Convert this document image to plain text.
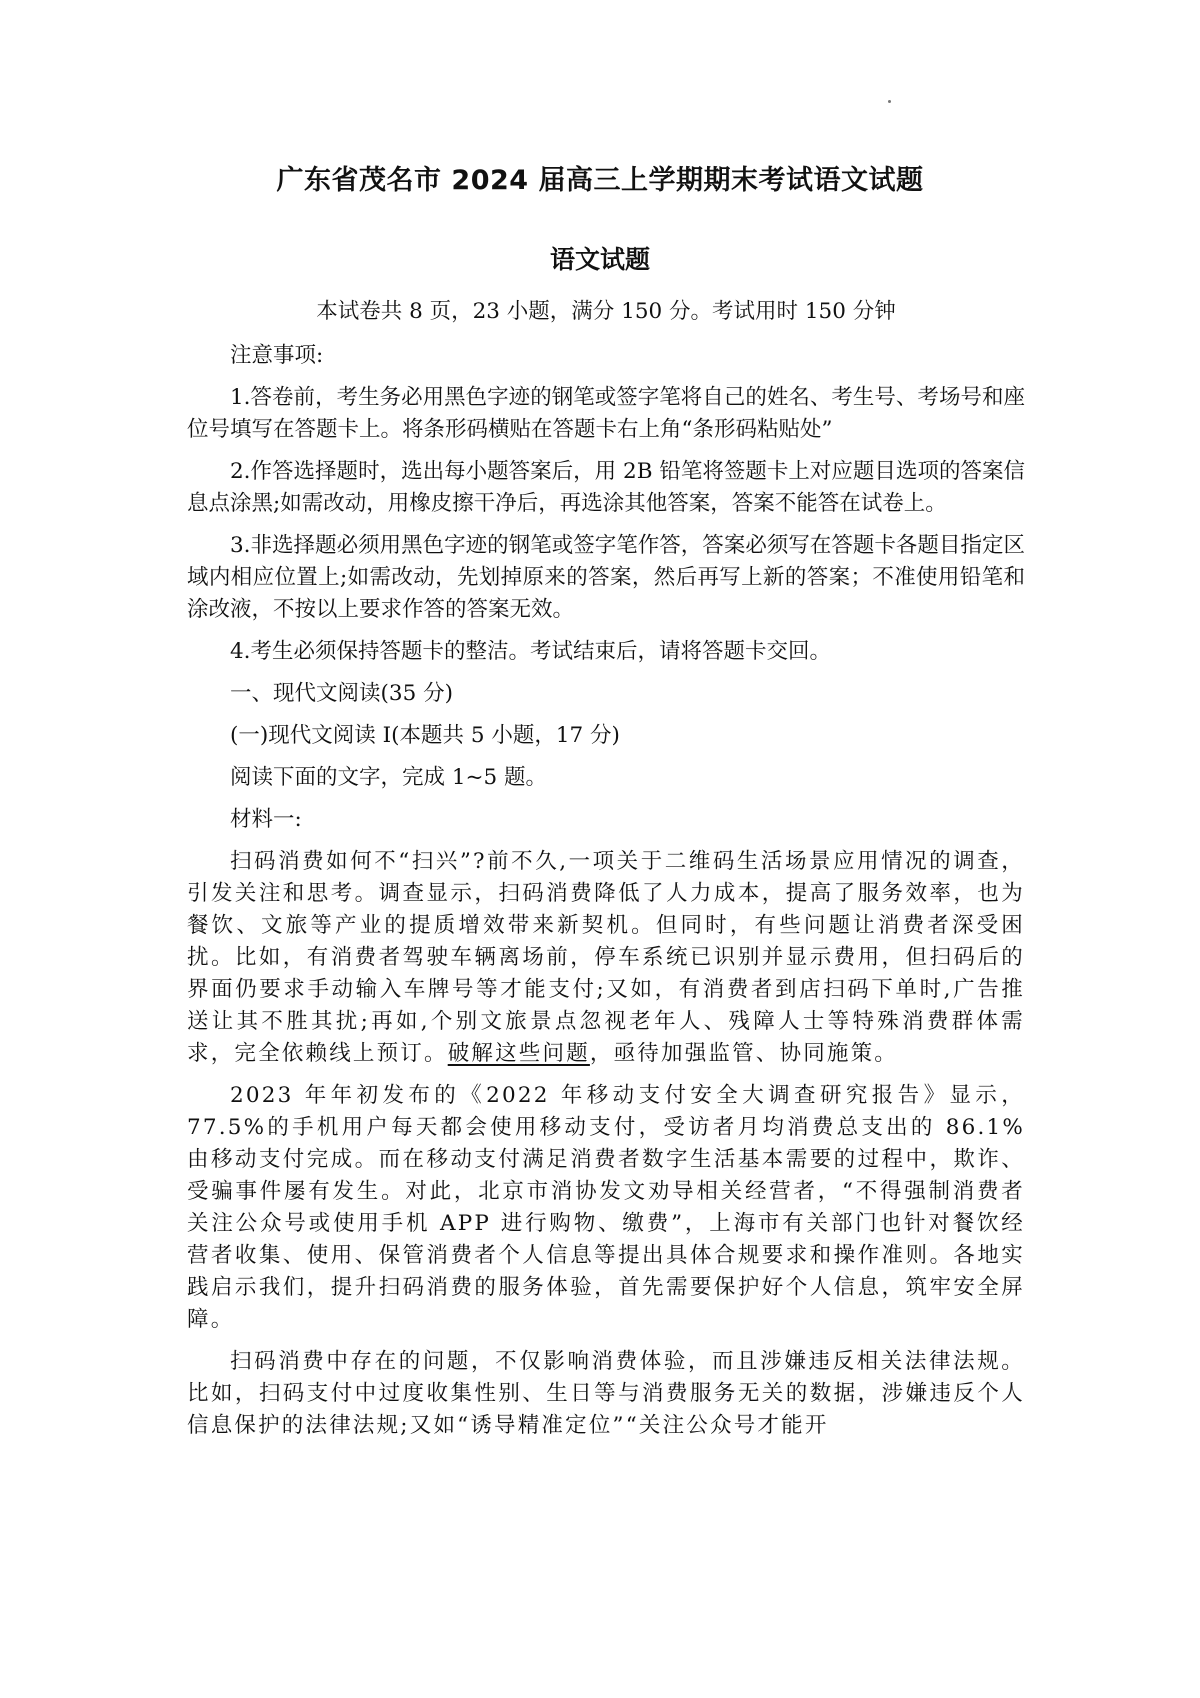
广东省茂名市 2024 届高三上学期期末考试语文试题
语文试题

本试卷共 8 页，23 小题，满分 150 分。考试用时 150 分钟

注意事项:

1.答卷前，考生务必用黑色字迹的钢笔或签字笔将自己的姓名、考生号、考场号和座位号填写在答题卡上。将条形码横贴在答题卡右上角“条形码粘贴处”

2.作答选择题时，选出每小题答案后，用 2B 铅笔将签题卡上对应题目选项的答案信息点涂黑;如需改动，用橡皮擦干净后，再选涂其他答案，答案不能答在试卷上。

3.非选择题必须用黑色字迹的钢笔或签字笔作答，答案必须写在答题卡各题目指定区域内相应位置上;如需改动，先划掉原来的答案，然后再写上新的答案；不准使用铅笔和涂改液，不按以上要求作答的答案无效。

4.考生必须保持答题卡的整洁。考试结束后，请将答题卡交回。

一、现代文阅读(35 分)

(一)现代文阅读 I(本题共 5 小题，17 分)

阅读下面的文字，完成 1~5 题。

材料一:

扫码消费如何不“扫兴”?前不久,一项关于二维码生活场景应用情况的调查，引发关注和思考。调查显示，扫码消费降低了人力成本，提高了服务效率，也为餐饮、文旅等产业的提质增效带来新契机。但同时，有些问题让消费者深受困扰。比如，有消费者驾驶车辆离场前，停车系统已识别并显示费用，但扫码后的界面仍要求手动输入车牌号等才能支付;又如，有消费者到店扫码下单时,广告推送让其不胜其扰;再如,个别文旅景点忽视老年人、残障人士等特殊消费群体需求，完全依赖线上预订。破解这些问题，亟待加强监管、协同施策。

2023 年年初发布的《2022 年移动支付安全大调查研究报告》显示，77.5%的手机用户每天都会使用移动支付，受访者月均消费总支出的 86.1% 由移动支付完成。而在移动支付满足消费者数字生活基本需要的过程中，欺诈、受骗事件屡有发生。对此，北京市消协发文劝导相关经营者，“不得强制消费者关注公众号或使用手机 APP 进行购物、缴费”，上海市有关部门也针对餐饮经营者收集、使用、保管消费者个人信息等提出具体合规要求和操作准则。各地实践启示我们，提升扫码消费的服务体验，首先需要保护好个人信息，筑牢安全屏障。

扫码消费中存在的问题，不仅影响消费体验，而且涉嫌违反相关法律法规。比如，扫码支付中过度收集性别、生日等与消费服务无关的数据，涉嫌违反个人信息保护的法律法规;又如“诱导精准定位”“关注公众号才能开
